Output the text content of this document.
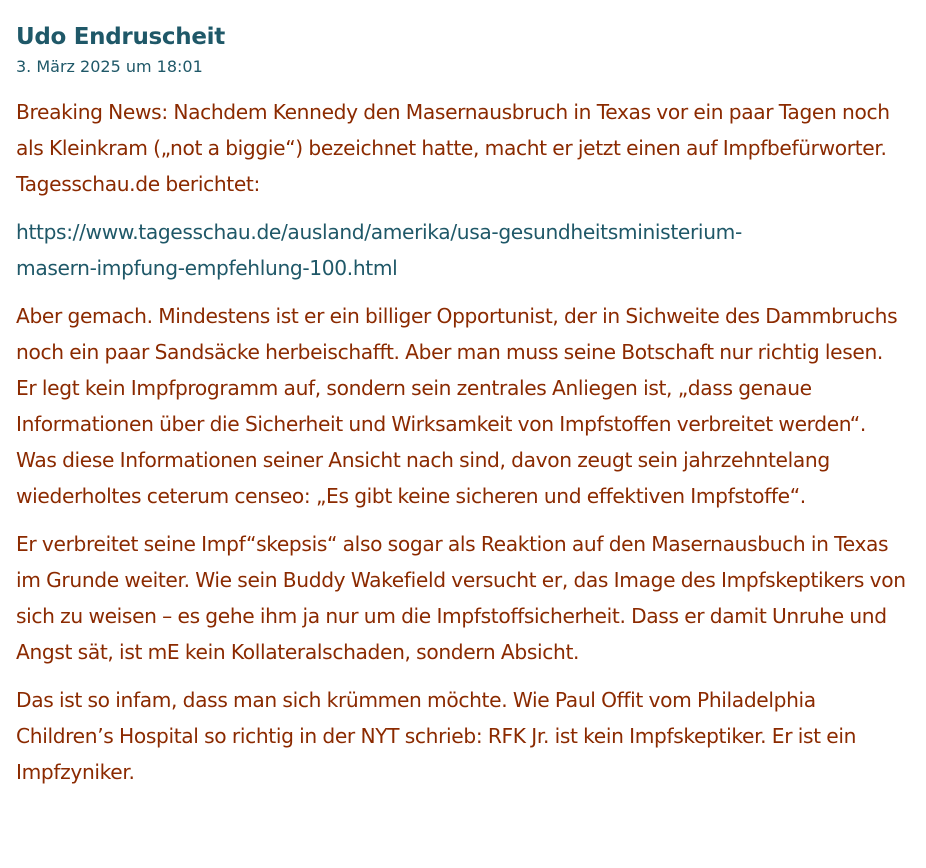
Udo Endruscheit
3. März 2025 um 18:01

Breaking News: Nachdem Kennedy den Masernausbruch in Texas vor ein paar Tagen noch als Kleinkram („not a biggie“) bezeichnet hatte, macht er jetzt einen auf Impfbefürworter. Tagesschau.de berichtet:

https://www.tagesschau.de/ausland/amerika/usa-gesundheitsministerium-
masern-impfung-empfehlung-100.html

Aber gemach. Mindestens ist er ein billiger Opportunist, der in Sichweite des Dammbruchs noch ein paar Sandsäcke herbeischafft. Aber man muss seine Botschaft nur richtig lesen. Er legt kein Impfprogramm auf, sondern sein zentrales Anliegen ist, „dass genaue Informationen über die Sicherheit und Wirksamkeit von Impfstoffen verbreitet werden“. Was diese Informationen seiner Ansicht nach sind, davon zeugt sein jahrzehntelang wiederholtes ceterum censeo: „Es gibt keine sicheren und effektiven Impfstoffe“.

Er verbreitet seine Impf“skepsis“ also sogar als Reaktion auf den Masernausbuch in Texas im Grunde weiter. Wie sein Buddy Wakefield versucht er, das Image des Impfskeptikers von sich zu weisen – es gehe ihm ja nur um die Impfstoffsicherheit. Dass er damit Unruhe und Angst sät, ist mE kein Kollateralschaden, sondern Absicht.

Das ist so infam, dass man sich krümmen möchte. Wie Paul Offit vom Philadelphia Children’s Hospital so richtig in der NYT schrieb: RFK Jr. ist kein Impfskeptiker. Er ist ein Impfzyniker.
